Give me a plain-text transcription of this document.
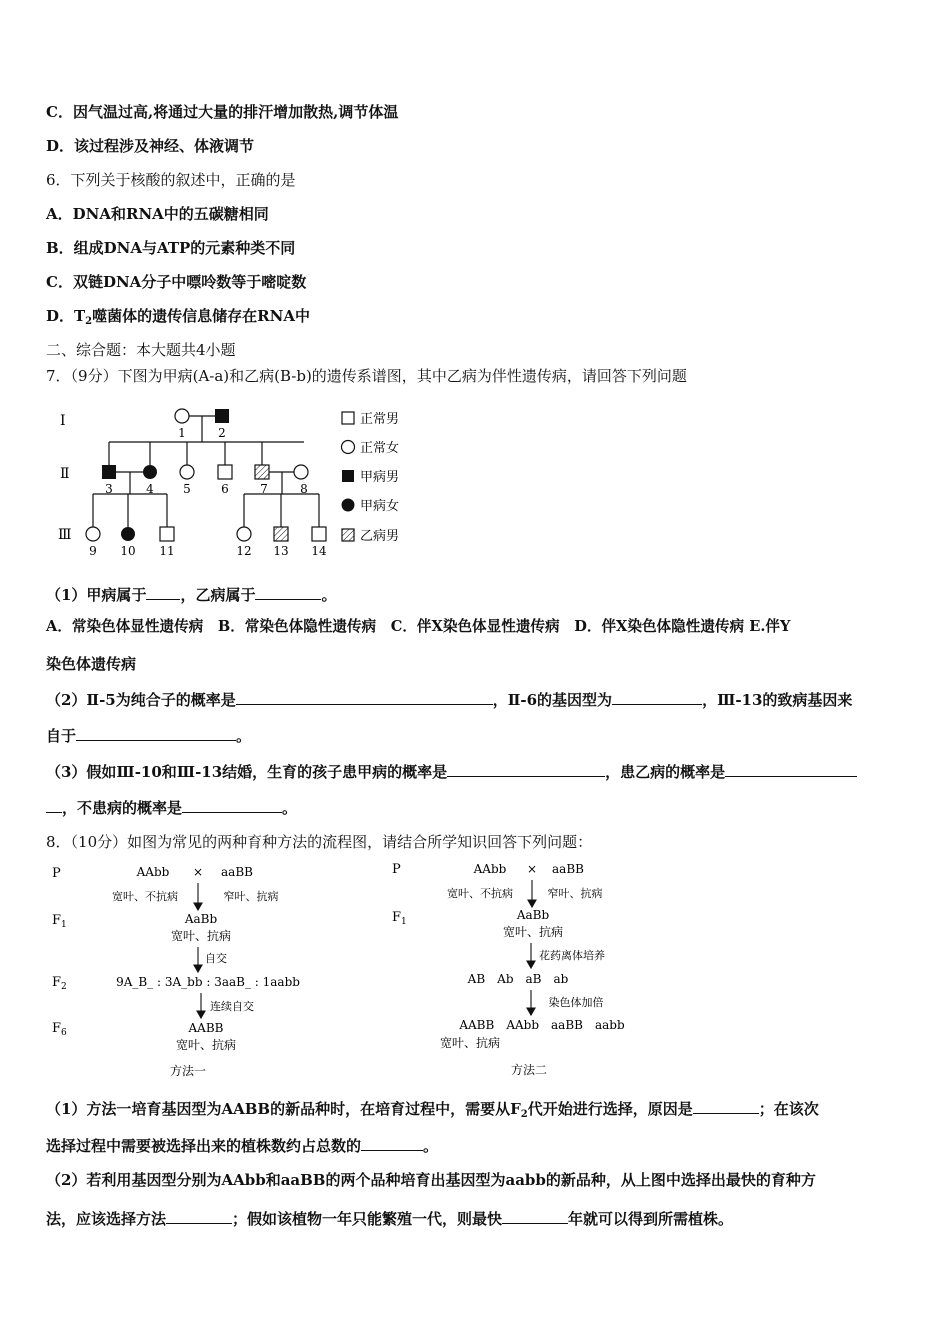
C．因气温过高,将通过大量的排汗增加散热,调节体温
D．该过程涉及神经、体液调节
6．下列关于核酸的叙述中，正确的是
A．DNA和RNA中的五碳糖相同
B．组成DNA与ATP的元素种类不同
C．双链DNA分子中嘌呤数等于嘧啶数
D．$T_2$噬菌体的遗传信息储存在RNA中
二、综合题：本大题共4小题
7．（9分）下图为甲病(A-a)和乙病(B-b)的遗传系谱图，其中乙病为伴性遗传病，请回答下列问题
Ⅰ
Ⅱ
Ⅲ
1	2
3	4 5	6	7	8
9 10 11	12 13 14
正常男
正常女
甲病男
甲病女
乙病男
（1）甲病属于 ，乙病属于	。
A．常染色体显性遗传病　B．常染色体隐性遗传病　C．伴X染色体显性遗传病　D．伴X染色体隐性遗传病 E.伴Y
染色体遗传病
（2）Ⅱ-5为纯合子的概率是	，Ⅱ-6的基因型为	，Ⅲ-13的致病基因来
自于	。
（3）假如Ⅲ-10和Ⅲ-13结婚，生育的孩子患甲病的概率是	，患乙病的概率是
，不患病的概率是	。
8．（10分）如图为常见的两种育种方法的流程图，请结合所学知识回答下列问题：
P
$F_1$
$F_2$
$F_6$
AAbb × aaBB
宽叶、不抗病	窄叶、抗病
AaBb
宽叶、抗病
自交
9A_B_ : 3A_bb : 3aaB_ : 1aabb
连续自交
AABB
宽叶、抗病
方法一
P
$F_1$
AAbb × aaBB
宽叶、不抗病	窄叶、抗病
AaBb
宽叶、抗病
花药离体培养
AB　Ab　aB　ab
染色体加倍
AABB　AAbb　aaBB　aabb
宽叶、抗病
方法二
（1）方法一培育基因型为AABB的新品种时，在培育过程中，需要从$F_2$代开始进行选择，原因是	；在该次
选择过程中需要被选择出来的植株数约占总数的	。
（2）若利用基因型分别为AAbb和aaBB的两个品种培育出基因型为aabb的新品种，从上图中选择出最快的育种方
法，应该选择方法	；假如该植物一年只能繁殖一代，则最快	年就可以得到所需植株。
